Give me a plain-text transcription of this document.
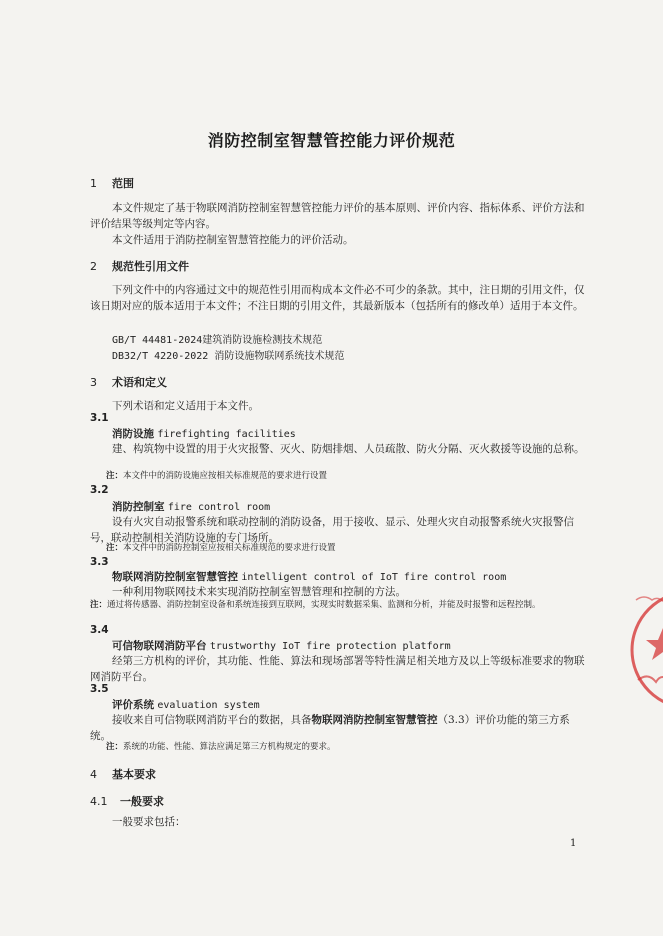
消防控制室智慧管控能力评价规范
1 范围

本文件规定了基于物联网消防控制室智慧管控能力评价的基本原则、评价内容、指标体系、评价方法和评价结果等级判定等内容。

本文件适用于消防控制室智慧管控能力的评价活动。

2 规范性引用文件

下列文件中的内容通过文中的规范性引用而构成本文件必不可少的条款。其中，注日期的引用文件，仅该日期对应的版本适用于本文件；不注日期的引用文件，其最新版本（包括所有的修改单）适用于本文件。

GB/T 44481-2024建筑消防设施检测技术规范
DB32/T 4220-2022 消防设施物联网系统技术规范
3 术语和定义

下列术语和定义适用于本文件。

3.1
消防设施 firefighting facilities

建、构筑物中设置的用于火灾报警、灭火、防烟排烟、人员疏散、防火分隔、灭火救援等设施的总称。

注：本文件中的消防设施应按相关标准规范的要求进行设置
3.2
消防控制室 fire control room

设有火灾自动报警系统和联动控制的消防设备，用于接收、显示、处理火灾自动报警系统火灾报警信号，联动控制相关消防设施的专门场所。

注：本文件中的消防控制室应按相关标准规范的要求进行设置
3.3
物联网消防控制室智慧管控 intelligent control of IoT fire control room

一种利用物联网技术来实现消防控制室智慧管理和控制的方法。

注：通过将传感器、消防控制室设备和系统连接到互联网，实现实时数据采集、监测和分析，并能及时报警和远程控制。
3.4
可信物联网消防平台 trustworthy IoT fire protection platform

经第三方机构的评价，其功能、性能、算法和现场部署等特性满足相关地方及以上等级标准要求的物联网消防平台。

3.5
评价系统 evaluation system

接收来自可信物联网消防平台的数据，具备物联网消防控制室智慧管控（3.3）评价功能的第三方系统。

注：系统的功能、性能、算法应满足第三方机构规定的要求。
4 基本要求
4.1 一般要求

一般要求包括：

1
